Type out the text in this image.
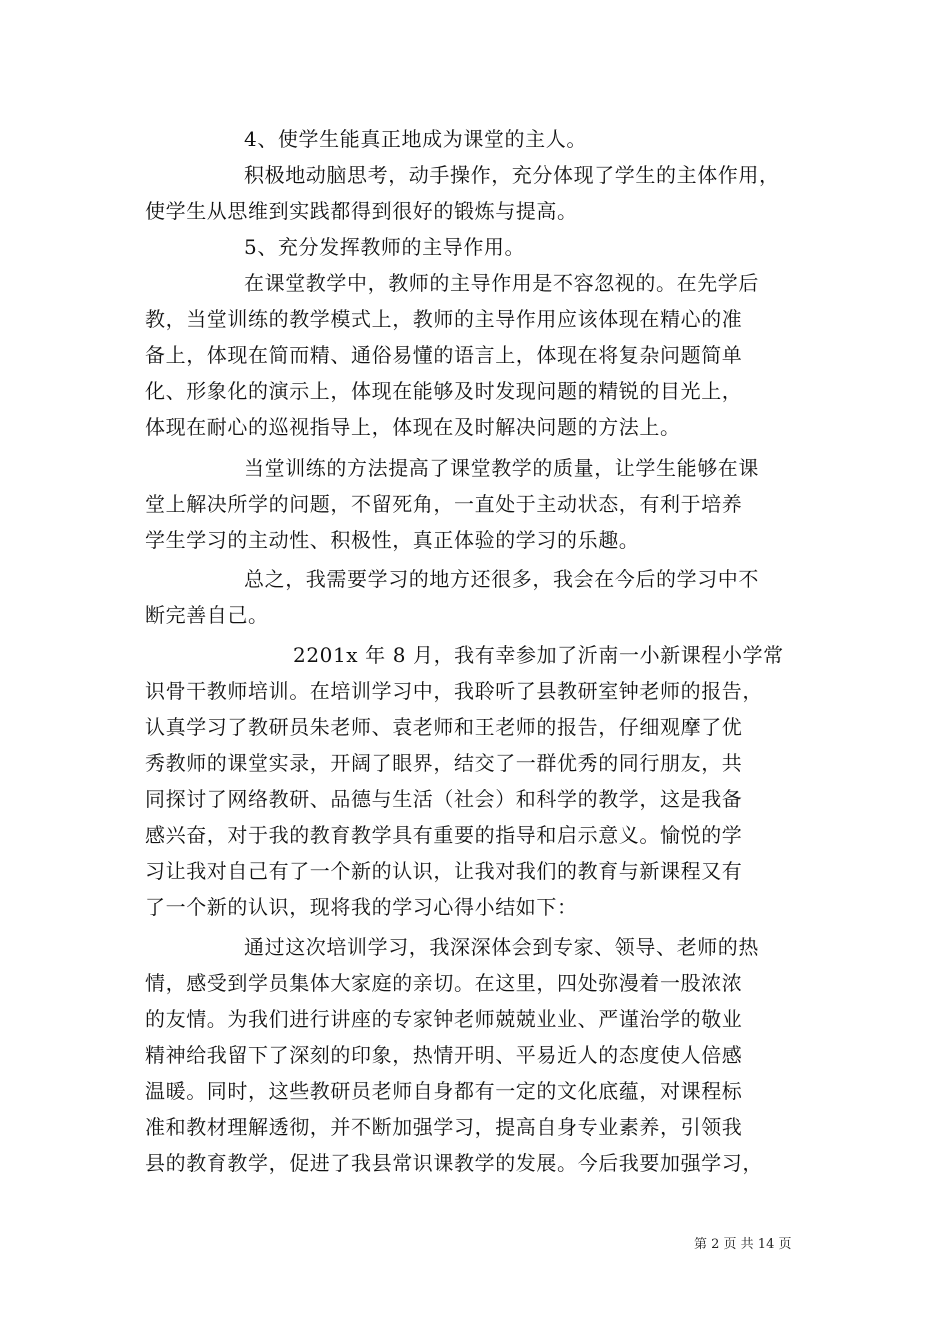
4、使学生能真正地成为课堂的主人。
积极地动脑思考，动手操作，充分体现了学生的主体作用，
使学生从思维到实践都得到很好的锻炼与提高。
5、充分发挥教师的主导作用。
在课堂教学中，教师的主导作用是不容忽视的。在先学后
教，当堂训练的教学模式上，教师的主导作用应该体现在精心的准
备上，体现在简而精、通俗易懂的语言上，体现在将复杂问题简单
化、形象化的演示上，体现在能够及时发现问题的精锐的目光上，
体现在耐心的巡视指导上，体现在及时解决问题的方法上。
当堂训练的方法提高了课堂教学的质量，让学生能够在课
堂上解决所学的问题，不留死角，一直处于主动状态，有利于培养
学生学习的主动性、积极性，真正体验的学习的乐趣。
总之，我需要学习的地方还很多，我会在今后的学习中不
断完善自己。
2201x 年 8 月，我有幸参加了沂南一小新课程小学常
识骨干教师培训。在培训学习中，我聆听了县教研室钟老师的报告，
认真学习了教研员朱老师、袁老师和王老师的报告，仔细观摩了优
秀教师的课堂实录，开阔了眼界，结交了一群优秀的同行朋友，共
同探讨了网络教研、品德与生活（社会）和科学的教学，这是我备
感兴奋，对于我的教育教学具有重要的指导和启示意义。愉悦的学
习让我对自己有了一个新的认识，让我对我们的教育与新课程又有
了一个新的认识，现将我的学习心得小结如下：
通过这次培训学习，我深深体会到专家、领导、老师的热
情，感受到学员集体大家庭的亲切。在这里，四处弥漫着一股浓浓
的友情。为我们进行讲座的专家钟老师兢兢业业、严谨治学的敬业
精神给我留下了深刻的印象，热情开明、平易近人的态度使人倍感
温暖。同时，这些教研员老师自身都有一定的文化底蕴，对课程标
准和教材理解透彻，并不断加强学习，提高自身专业素养，引领我
县的教育教学，促进了我县常识课教学的发展。今后我要加强学习，
第 2 页 共 14 页
